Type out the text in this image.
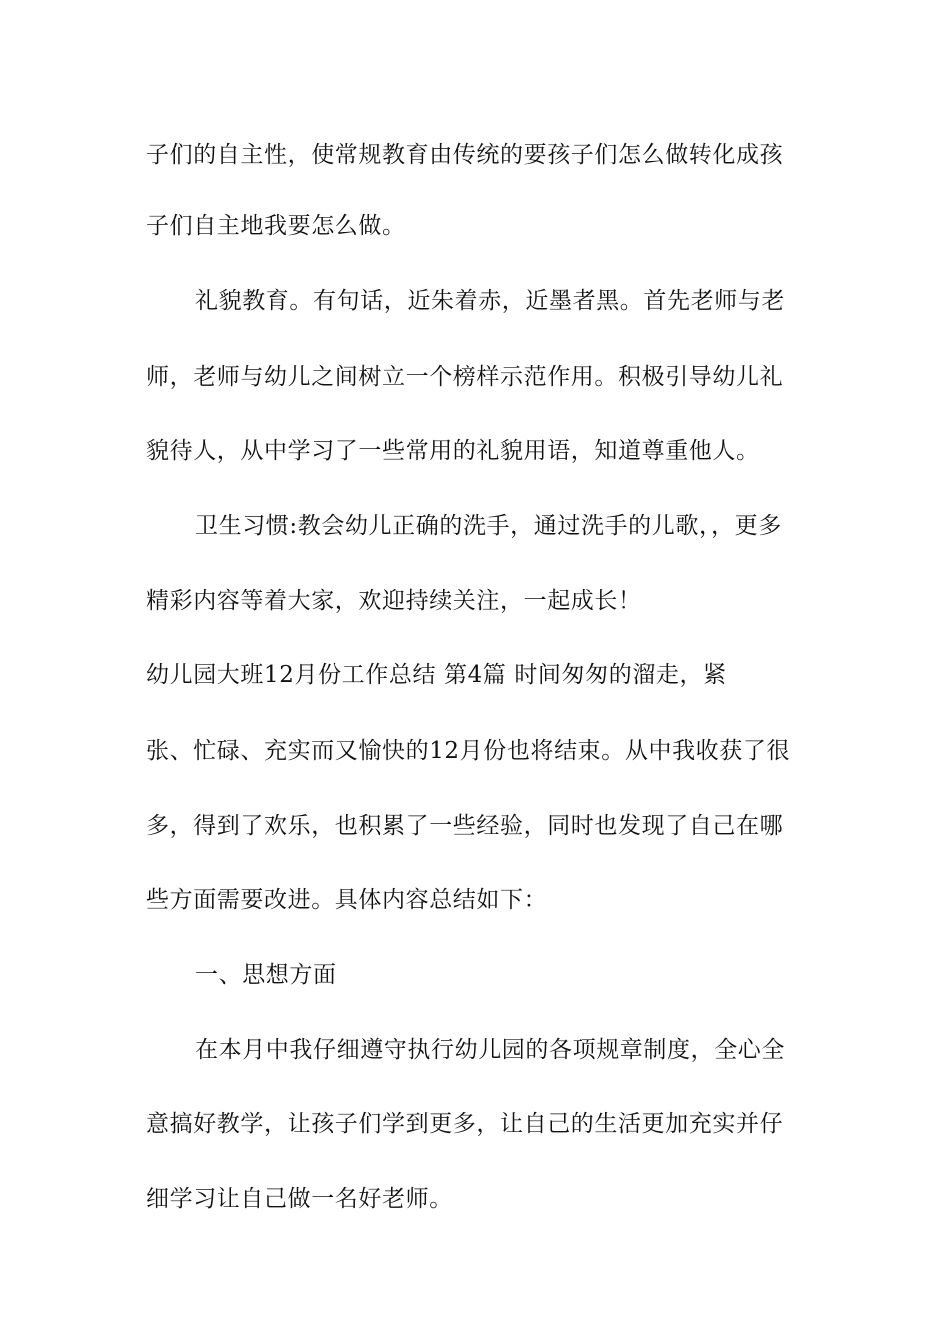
子们的自主性，使常规教育由传统的要孩子们怎么做转化成孩
子们自主地我要怎么做。
礼貌教育。有句话，近朱着赤，近墨者黑。首先老师与老
师，老师与幼儿之间树立一个榜样示范作用。积极引导幼儿礼
貌待人，从中学习了一些常用的礼貌用语，知道尊重他人。
卫生习惯:教会幼儿正确的洗手，通过洗手的儿歌，，更多
精彩内容等着大家，欢迎持续关注，一起成长！
幼儿园大班12月份工作总结 第4篇 时间匆匆的溜走，紧
张、忙碌、充实而又愉快的12月份也将结束。从中我收获了很
多，得到了欢乐，也积累了一些经验，同时也发现了自己在哪
些方面需要改进。具体内容总结如下：
一、思想方面
在本月中我仔细遵守执行幼儿园的各项规章制度，全心全
意搞好教学，让孩子们学到更多，让自己的生活更加充实并仔
细学习让自己做一名好老师。
